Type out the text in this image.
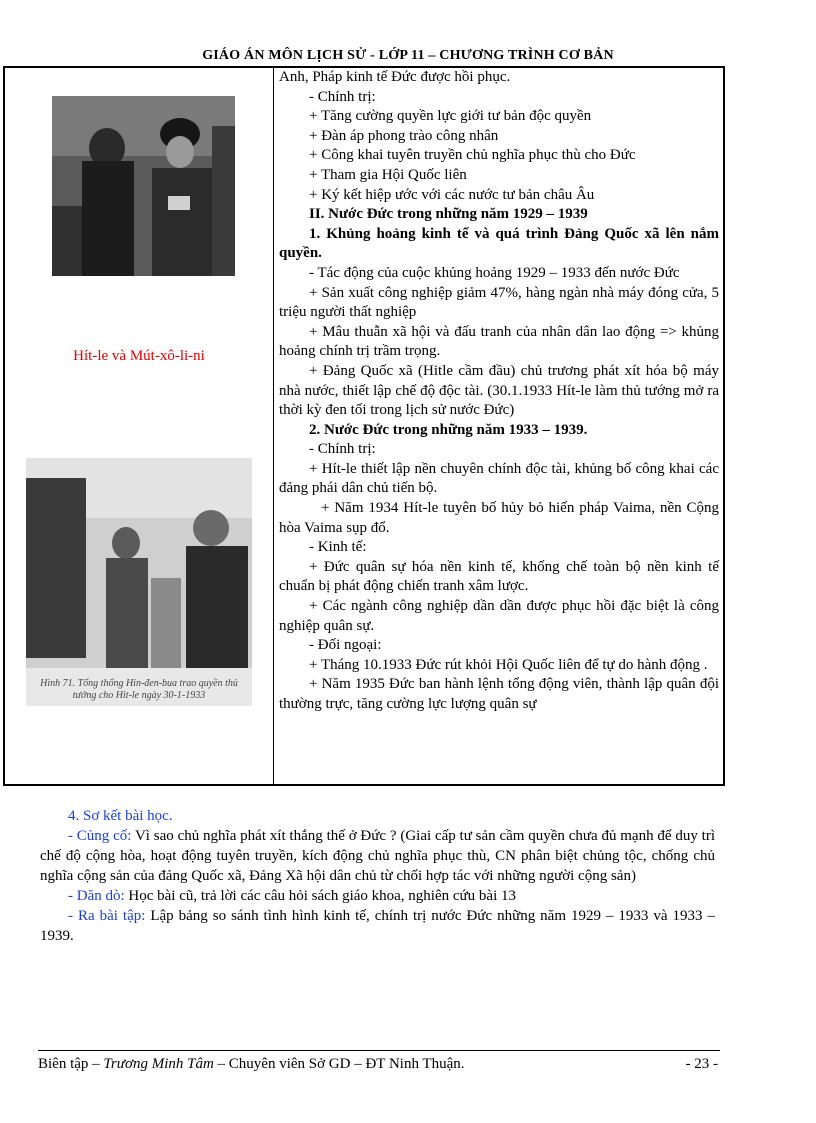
GIÁO ÁN MÔN LỊCH SỬ - LỚP 11 – CHƯƠNG TRÌNH CƠ BẢN
Hít-le và Mút-xô-li-ni
Hình 71. Tổng thống Hin-đen-bua trao quyền thủ tướng cho Hit-le ngày 30-1-1933

Anh, Pháp kinh tế Đức được hồi phục.

- Chính trị:

+ Tăng cường quyền lực giới tư bản độc quyền

+ Đàn áp phong trào công nhân

+ Công khai tuyên truyền chủ nghĩa phục thù cho Đức

+ Tham gia Hội Quốc liên

+ Ký kết hiệp ước với các nước tư bản châu Âu

II. Nước Đức trong những năm 1929 – 1939

1. Khủng hoảng kinh tế và quá trình Đảng Quốc xã lên nắm quyền.

- Tác động của cuộc khủng hoảng 1929 – 1933 đến nước Đức

+ Sản xuất công nghiệp giảm 47%, hàng ngàn nhà máy đóng cửa, 5 triệu người thất nghiệp

+ Mâu thuẫn xã hội và đấu tranh của nhân dân lao động => khủng hoảng chính trị trầm trọng.

+ Đảng Quốc xã (Hitle cầm đầu) chủ trương phát xít hóa bộ máy nhà nước, thiết lập chế độ độc tài. (30.1.1933 Hít-le làm thủ tướng mở ra thời kỳ đen tối trong lịch sử nước Đức)

2. Nước Đức trong những năm 1933 – 1939.

- Chính trị:

+ Hít-le thiết lập nền chuyên chính độc tài, khủng bố công khai các đảng phái dân chủ tiến bộ.

+ Năm 1934 Hít-le tuyên bố hủy bỏ hiến pháp Vaima, nền Cộng hòa Vaima sụp đổ.

- Kinh tế:

+ Đức quân sự hóa nền kinh tế, khống chế toàn bộ nền kinh tế chuẩn bị phát động chiến tranh xâm lược.

+ Các ngành công nghiệp dần dần được phục hồi đặc biệt là công nghiệp quân sự.

- Đối ngoại:

+ Tháng 10.1933 Đức rút khỏi Hội Quốc liên để tự do hành động .

+ Năm 1935 Đức ban hành lệnh tổng động viên, thành lập quân đội thường trực, tăng cường lực lượng quân sự

4. Sơ kết bài học.

- Củng cố: Vì sao chủ nghĩa phát xít thắng thế ở Đức ? (Giai cấp tư sản cầm quyền chưa đủ mạnh để duy trì chế độ cộng hòa, hoạt động tuyên truyền, kích động chủ nghĩa phục thù, CN phân biệt chủng tộc, chống chủ nghĩa cộng sản của đảng Quốc xã, Đảng Xã hội dân chủ từ chối hợp tác với những người cộng sản)

- Dăn dò: Học bài cũ, trả lời các câu hỏi sách giáo khoa, nghiên cứu bài 13

- Ra bài tập: Lập bảng so sánh tình hình kinh tế, chính trị nước Đức những năm 1929 – 1933 và 1933 – 1939.

Biên tập – Trương Minh Tâm – Chuyên viên Sở GD – ĐT Ninh Thuận.	- 23 -
